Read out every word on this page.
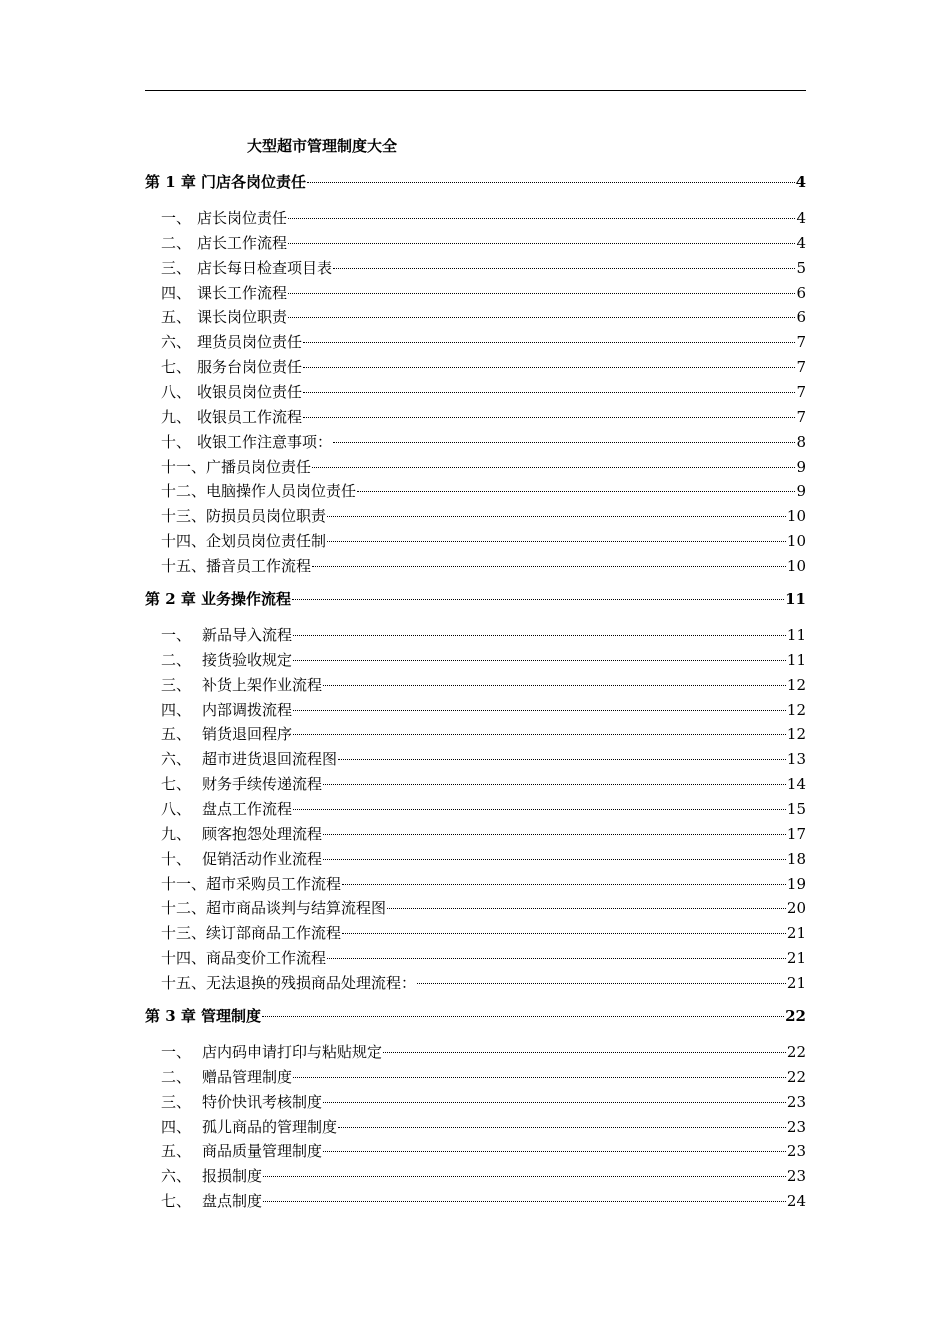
大型超市管理制度大全
第 1 章 门店各岗位责任	4
一、 店长岗位责任	4
二、 店长工作流程	4
三、 店长每日检查项目表	5
四、 课长工作流程	6
五、 课长岗位职责	6
六、 理货员岗位责任	7
七、 服务台岗位责任	7
八、 收银员岗位责任	7
九、 收银员工作流程	7
十、 收银工作注意事项：	8
十一、 广播员岗位责任	9
十二、 电脑操作人员岗位责任	9
十三、 防损员员岗位职责	10
十四、 企划员岗位责任制	10
十五、 播音员工作流程	10
第 2 章 业务操作流程	11
一、 新品导入流程	11
二、 接货验收规定	11
三、 补货上架作业流程	12
四、 内部调拨流程	12
五、 销货退回程序	12
六、 超市进货退回流程图	13
七、 财务手续传递流程	14
八、 盘点工作流程	15
九、 顾客抱怨处理流程	17
十、 促销活动作业流程	18
十一、 超市采购员工作流程	19
十二、 超市商品谈判与结算流程图	20
十三、 续订部商品工作流程	21
十四、 商品变价工作流程	21
十五、 无法退换的残损商品处理流程：	21
第 3 章 管理制度	22
一、 店内码申请打印与粘贴规定	22
二、 赠品管理制度	22
三、 特价快讯考核制度	23
四、 孤儿商品的管理制度	23
五、 商品质量管理制度	23
六、 报损制度	23
七、 盘点制度	24
